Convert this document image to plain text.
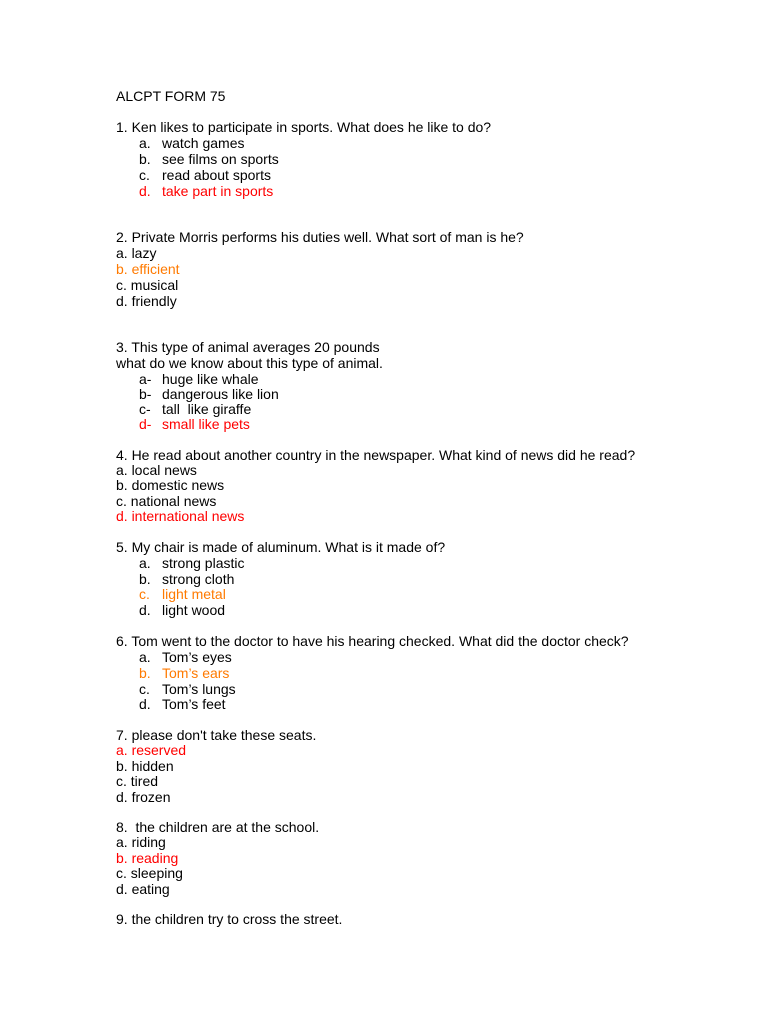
ALCPT FORM 75
1. Ken likes to participate in sports. What does he like to do?
a. watch games
b. see films on sports
c. read about sports
d. take part in sports
2. Private Morris performs his duties well. What sort of man is he?
a. lazy
b. efficient
c. musical
d. friendly
3. This type of animal averages 20 pounds
what do we know about this type of animal.
a- huge like whale
b- dangerous like lion
c- tall  like giraffe
d- small like pets
4. He read about another country in the newspaper. What kind of news did he read?
a. local news
b. domestic news
c. national news
d. international news
5. My chair is made of aluminum. What is it made of?
a. strong plastic
b. strong cloth
c. light metal
d. light wood
6. Tom went to the doctor to have his hearing checked. What did the doctor check?
a. Tom’s eyes
b. Tom’s ears
c. Tom’s lungs
d. Tom’s feet
7. please don't take these seats.
a. reserved
b. hidden
c. tired
d. frozen
8.  the children are at the school.
a. riding
b. reading
c. sleeping
d. eating
9. the children try to cross the street.
